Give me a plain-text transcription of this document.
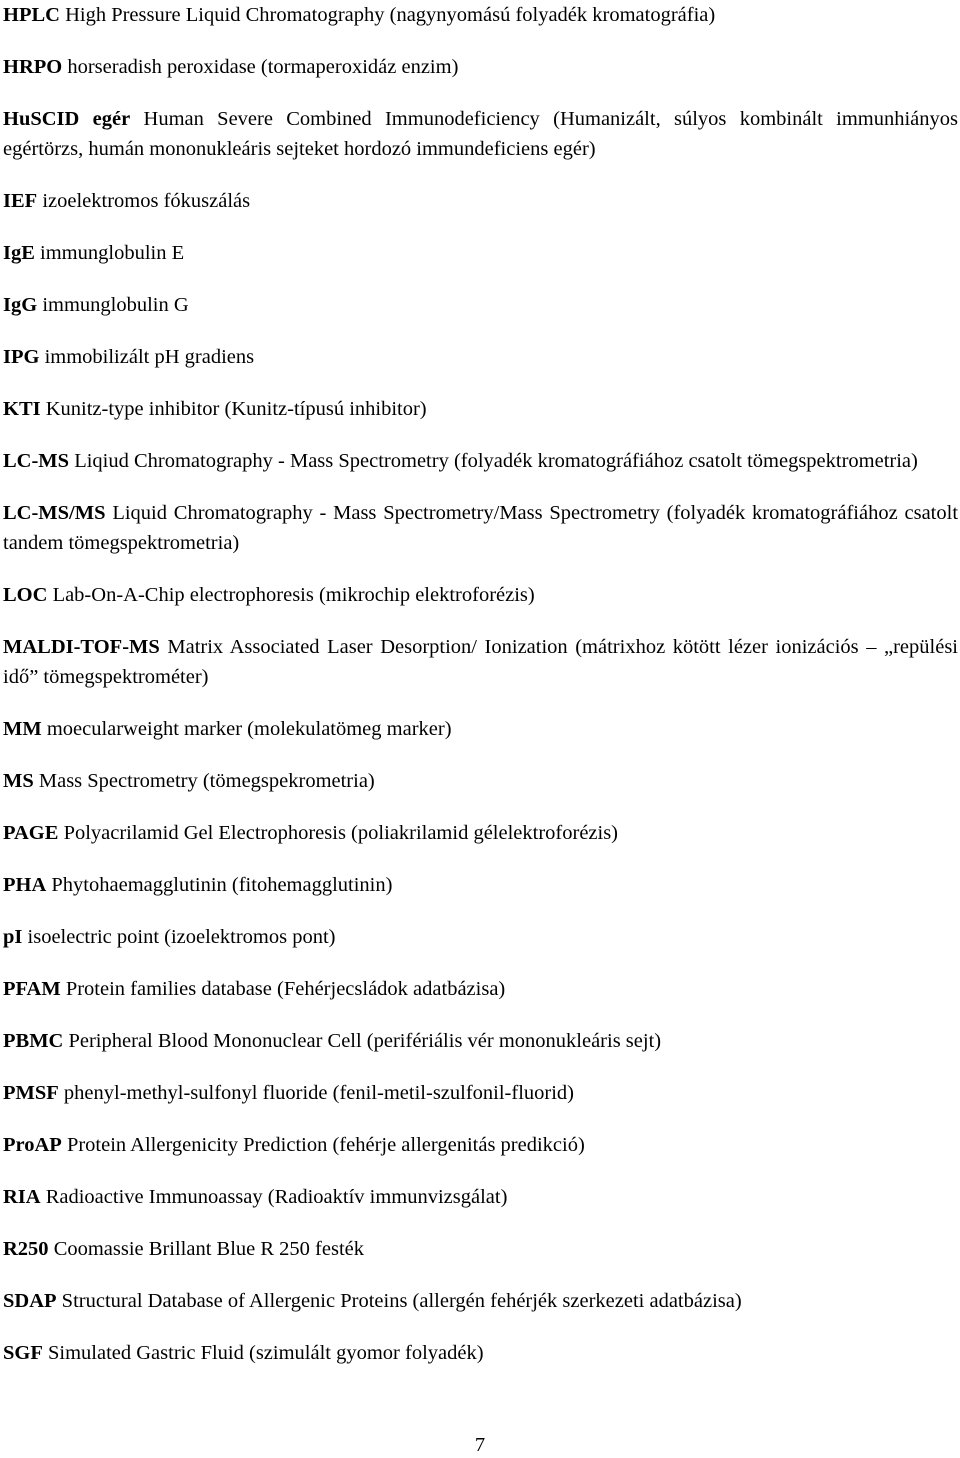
HPLC High Pressure Liquid Chromatography (nagynyomású folyadék kromatográfia)

HRPO horseradish peroxidase (tormaperoxidáz enzim)

HuSCID egér Human Severe Combined Immunodeficiency (Humanizált, súlyos kombinált immunhiányos egértörzs, humán mononukleáris sejteket hordozó immundeficiens egér)

IEF izoelektromos fókuszálás

IgE immunglobulin E

IgG immunglobulin G

IPG immobilizált pH gradiens

KTI Kunitz-type inhibitor (Kunitz-típusú inhibitor)

LC-MS Liqiud Chromatography - Mass Spectrometry (folyadék kromatográfiához csatolt tömegspektrometria)

LC-MS/MS Liquid Chromatography - Mass Spectrometry/Mass Spectrometry (folyadék kromatográfiához csatolt tandem tömegspektrometria)

LOC Lab-On-A-Chip electrophoresis (mikrochip elektroforézis)

MALDI-TOF-MS Matrix Associated Laser Desorption/ Ionization (mátrixhoz kötött lézer ionizációs – „repülési idő” tömegspektrométer)

MM moecularweight marker (molekulatömeg marker)

MS Mass Spectrometry (tömegspekrometria)

PAGE Polyacrilamid Gel Electrophoresis (poliakrilamid gélelektroforézis)

PHA Phytohaemagglutinin (fitohemagglutinin)

pI isoelectric point (izoelektromos pont)

PFAM Protein families database (Fehérjecsládok adatbázisa)

PBMC Peripheral Blood Mononuclear Cell (perifériális vér mononukleáris sejt)

PMSF phenyl-methyl-sulfonyl fluoride (fenil-metil-szulfonil-fluorid)

ProAP Protein Allergenicity Prediction (fehérje allergenitás predikció)

RIA Radioactive Immunoassay (Radioaktív immunvizsgálat)

R250 Coomassie Brillant Blue R 250 festék

SDAP Structural Database of Allergenic Proteins (allergén fehérjék szerkezeti adatbázisa)

SGF Simulated Gastric Fluid (szimulált gyomor folyadék)

7
